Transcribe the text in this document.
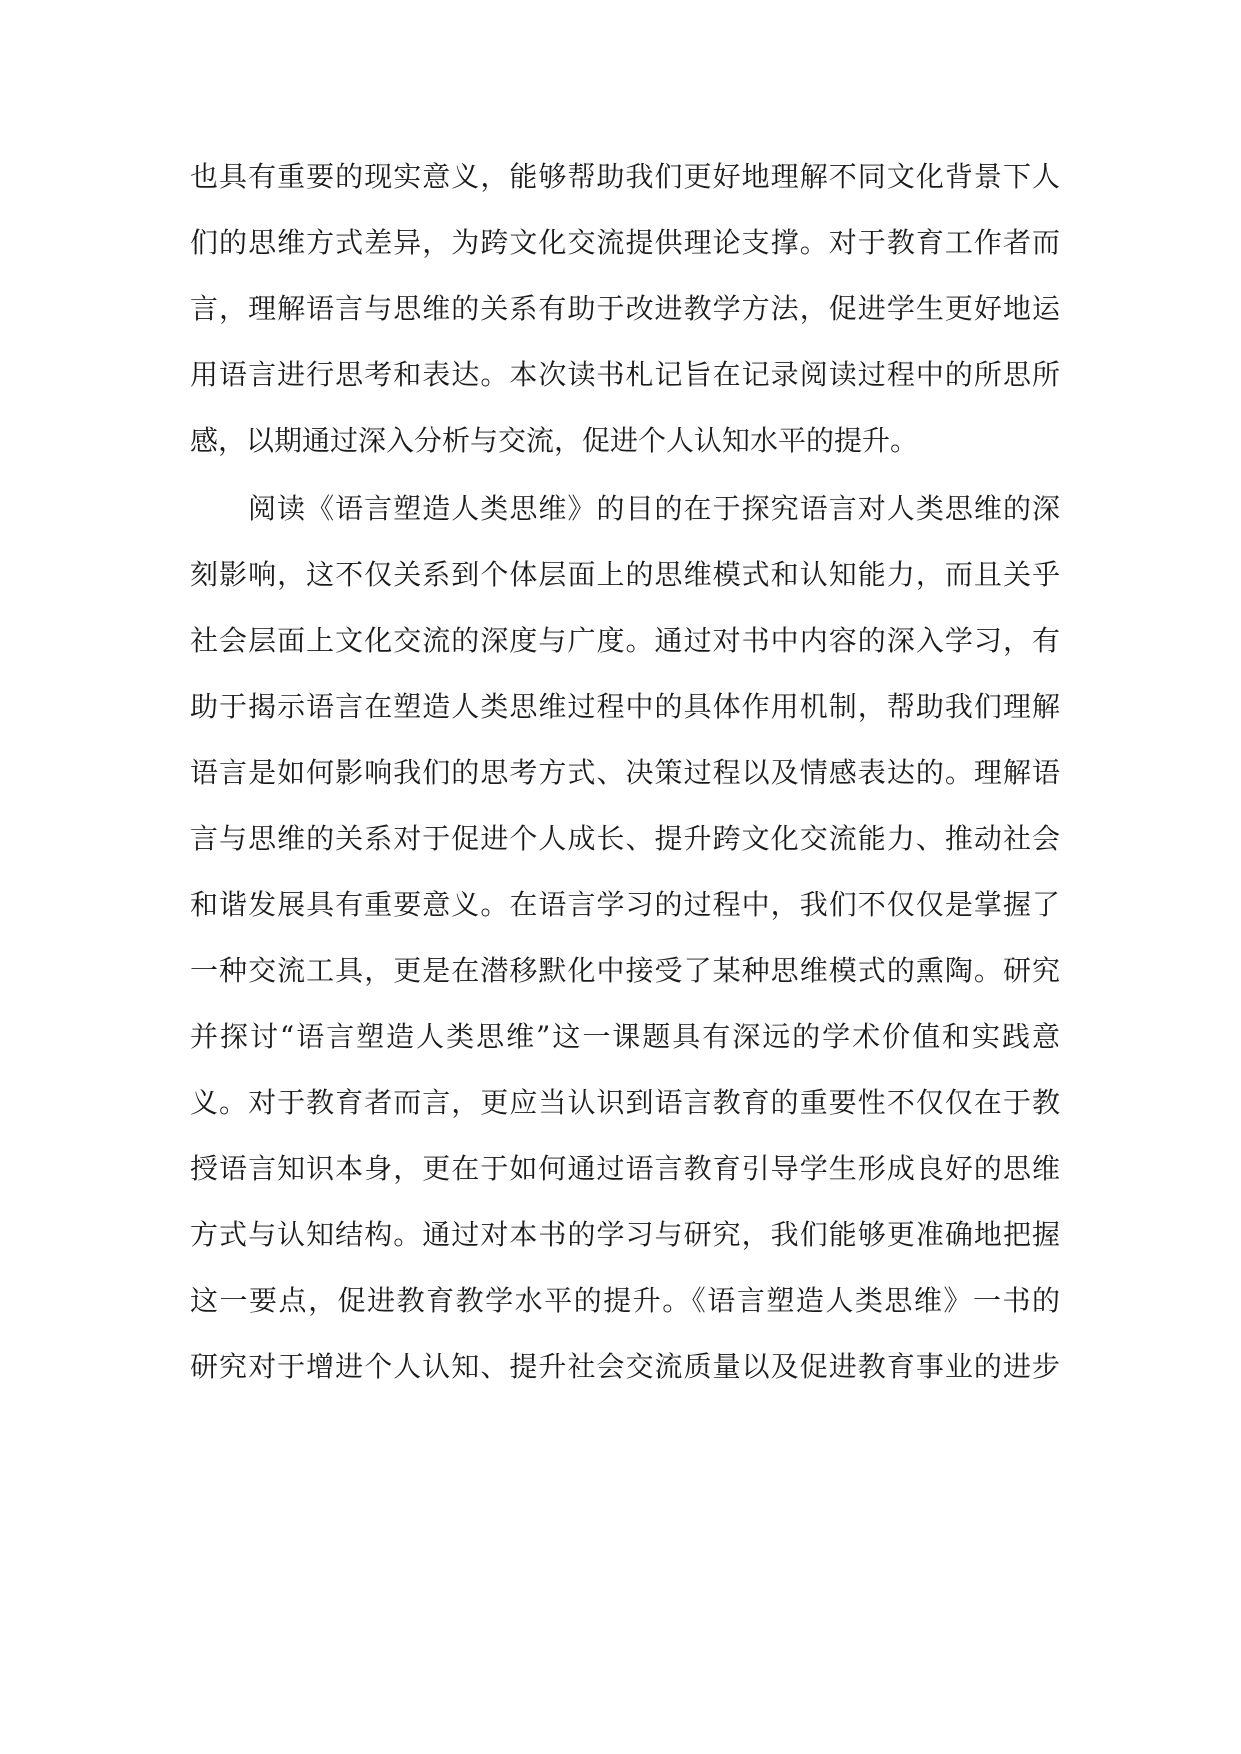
也具有重要的现实意义，能够帮助我们更好地理解不同文化背景下人
们的思维方式差异，为跨文化交流提供理论支撑。对于教育工作者而
言，理解语言与思维的关系有助于改进教学方法，促进学生更好地运
用语言进行思考和表达。本次读书札记旨在记录阅读过程中的所思所
感，以期通过深入分析与交流，促进个人认知水平的提升。
阅读《语言塑造人类思维》的目的在于探究语言对人类思维的深
刻影响，这不仅关系到个体层面上的思维模式和认知能力，而且关乎
社会层面上文化交流的深度与广度。通过对书中内容的深入学习，有
助于揭示语言在塑造人类思维过程中的具体作用机制，帮助我们理解
语言是如何影响我们的思考方式、决策过程以及情感表达的。理解语
言与思维的关系对于促进个人成长、提升跨文化交流能力、推动社会
和谐发展具有重要意义。在语言学习的过程中，我们不仅仅是掌握了
一种交流工具，更是在潜移默化中接受了某种思维模式的熏陶。研究
并探讨“语言塑造人类思维”这一课题具有深远的学术价值和实践意
义。对于教育者而言，更应当认识到语言教育的重要性不仅仅在于教
授语言知识本身，更在于如何通过语言教育引导学生形成良好的思维
方式与认知结构。通过对本书的学习与研究，我们能够更准确地把握
这一要点，促进教育教学水平的提升。《语言塑造人类思维》一书的
研究对于增进个人认知、提升社会交流质量以及促进教育事业的进步
